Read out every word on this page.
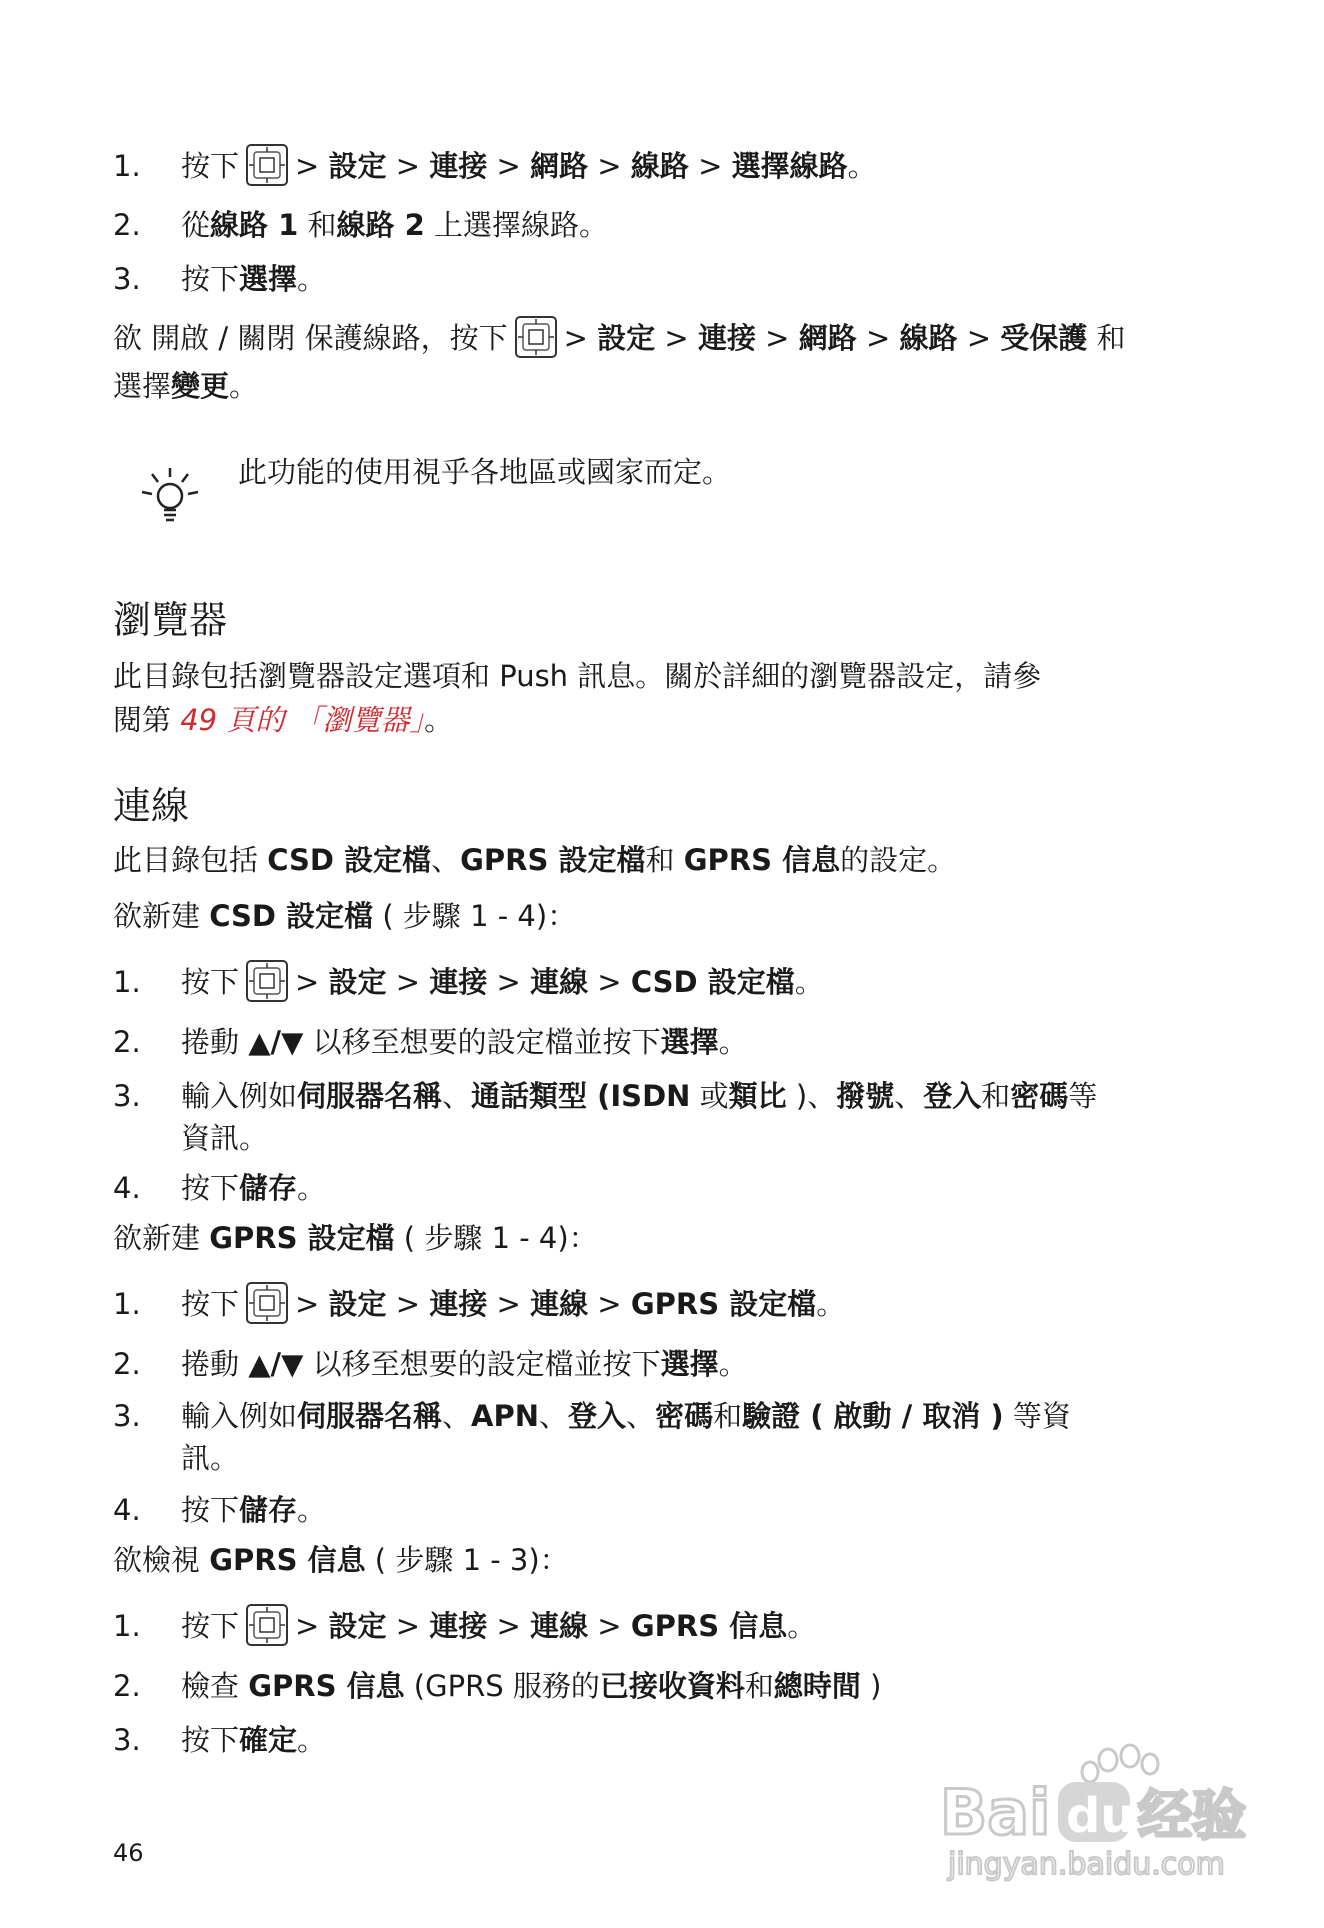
1. 按下 > 設定 > 連接 > 網路 > 線路 > 選擇線路。
2. 從線路 1 和線路 2 上選擇線路。
3. 按下選擇。
欲 開啟 / 關閉 保護線路，按下 > 設定 > 連接 > 網路 > 線路 > 受保護 和
選擇變更。
此功能的使用視乎各地區或國家而定。
瀏覽器
此目錄包括瀏覽器設定選項和 Push 訊息。關於詳細的瀏覽器設定，請參
閱第 49 頁的 「瀏覽器」。
連線
此目錄包括 CSD 設定檔、GPRS 設定檔和 GPRS 信息的設定。
欲新建 CSD 設定檔 ( 步驟 1 - 4)：
1. 按下 > 設定 > 連接 > 連線 > CSD 設定檔。
2. 捲動 ▲/▼ 以移至想要的設定檔並按下選擇。
3. 輸入例如伺服器名稱、通話類型 (ISDN 或類比 )、撥號、登入和密碼等
資訊。
4. 按下儲存。
欲新建 GPRS 設定檔 ( 步驟 1 - 4)：
1. 按下 > 設定 > 連接 > 連線 > GPRS 設定檔。
2. 捲動 ▲/▼ 以移至想要的設定檔並按下選擇。
3. 輸入例如伺服器名稱、APN、登入、密碼和驗證 ( 啟動 / 取消 ) 等資
訊。
4. 按下儲存。
欲檢視 GPRS 信息 ( 步驟 1 - 3)：
1. 按下 > 設定 > 連接 > 連線 > GPRS 信息。
2. 檢查 GPRS 信息 (GPRS 服務的已接收資料和總時間 )
3. 按下確定。
46
Bai du 经验
jingyan.baidu.com
